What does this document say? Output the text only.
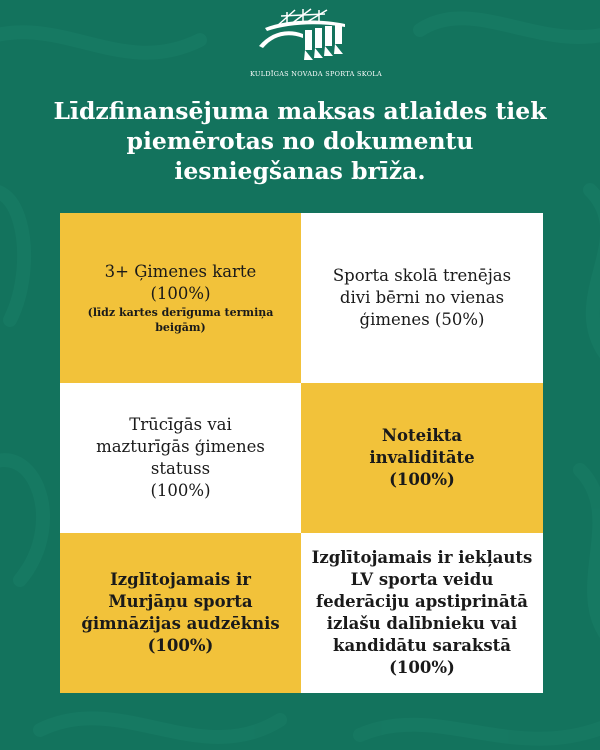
KULDĪGAS NOVADA SPORTA SKOLA
Līdzfinansējuma maksas atlaides tiek
piemērotas no dokumentu
iesniegšanas brīža.
3+ Ģimenes karte
(100%)
(līdz kartes derīguma termiņa
beigām)
Sporta skolā trenējas
divi bērni no vienas
ģimenes (50%)
Trūcīgās vai
mazturīgās ģimenes
statuss
(100%)
Noteikta
invaliditāte
(100%)
Izglītojamais ir
Murjāņu sporta
ģimnāzijas audzēknis
(100%)
Izglītojamais ir iekļauts
LV sporta veidu
federāciju apstiprinātā
izlašu dalībnieku vai
kandidātu sarakstā
(100%)
